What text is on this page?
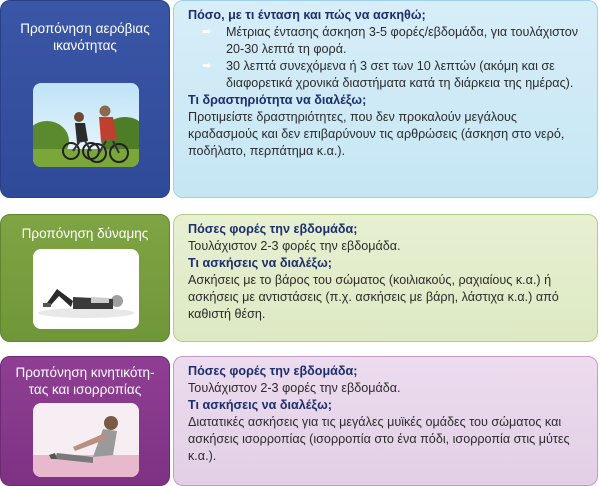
Προπόνηση αερόβιας ικανότητας
Πόσο, με τι ένταση και πώς να ασκηθώ;
➡ Μέτριας έντασης άσκηση 3-5 φορές/εβδομάδα, για τουλάχιστον 20-30 λεπτά τη φορά.
➡ 30 λεπτά συνεχόμενα ή 3 σετ των 10 λεπτών (ακόμη και σε διαφορετικά χρονικά διαστήματα κατά τη διάρκεια της ημέρας).
Τι δραστηριότητα να διαλέξω;

Προτιμείστε δραστηριότητες, που δεν προκαλούν μεγάλους κραδασμούς και δεν επιβαρύνουν τις αρθρώσεις (άσκηση στο νερό, ποδήλατο, περπάτημα κ.α.).

Προπόνηση δύναμης	Πόσες φορές την εβδομάδα;

Τουλάχιστον 2-3 φορές την εβδομάδα.

Τι ασκήσεις να διαλέξω;

Ασκήσεις με το βάρος του σώματος (κοιλιακούς, ραχιαίους κ.α.) ή ασκήσεις με αντιστάσεις (π.χ. ασκήσεις με βάρη, λάστιχα κ.α.) από καθιστή θέση.

Προπόνηση κινητικότη-
τας και ισορροπίας
Πόσες φορές την εβδομάδα;

Τουλάχιστον 2-3 φορές την εβδομάδα.

Τι ασκήσεις να διαλέξω;

Διατατικές ασκήσεις για τις μεγάλες μυϊκές ομάδες του σώματος και ασκήσεις ισορροπίας (ισορροπία στο ένα πόδι, ισορροπία στις μύτες κ.α.).
